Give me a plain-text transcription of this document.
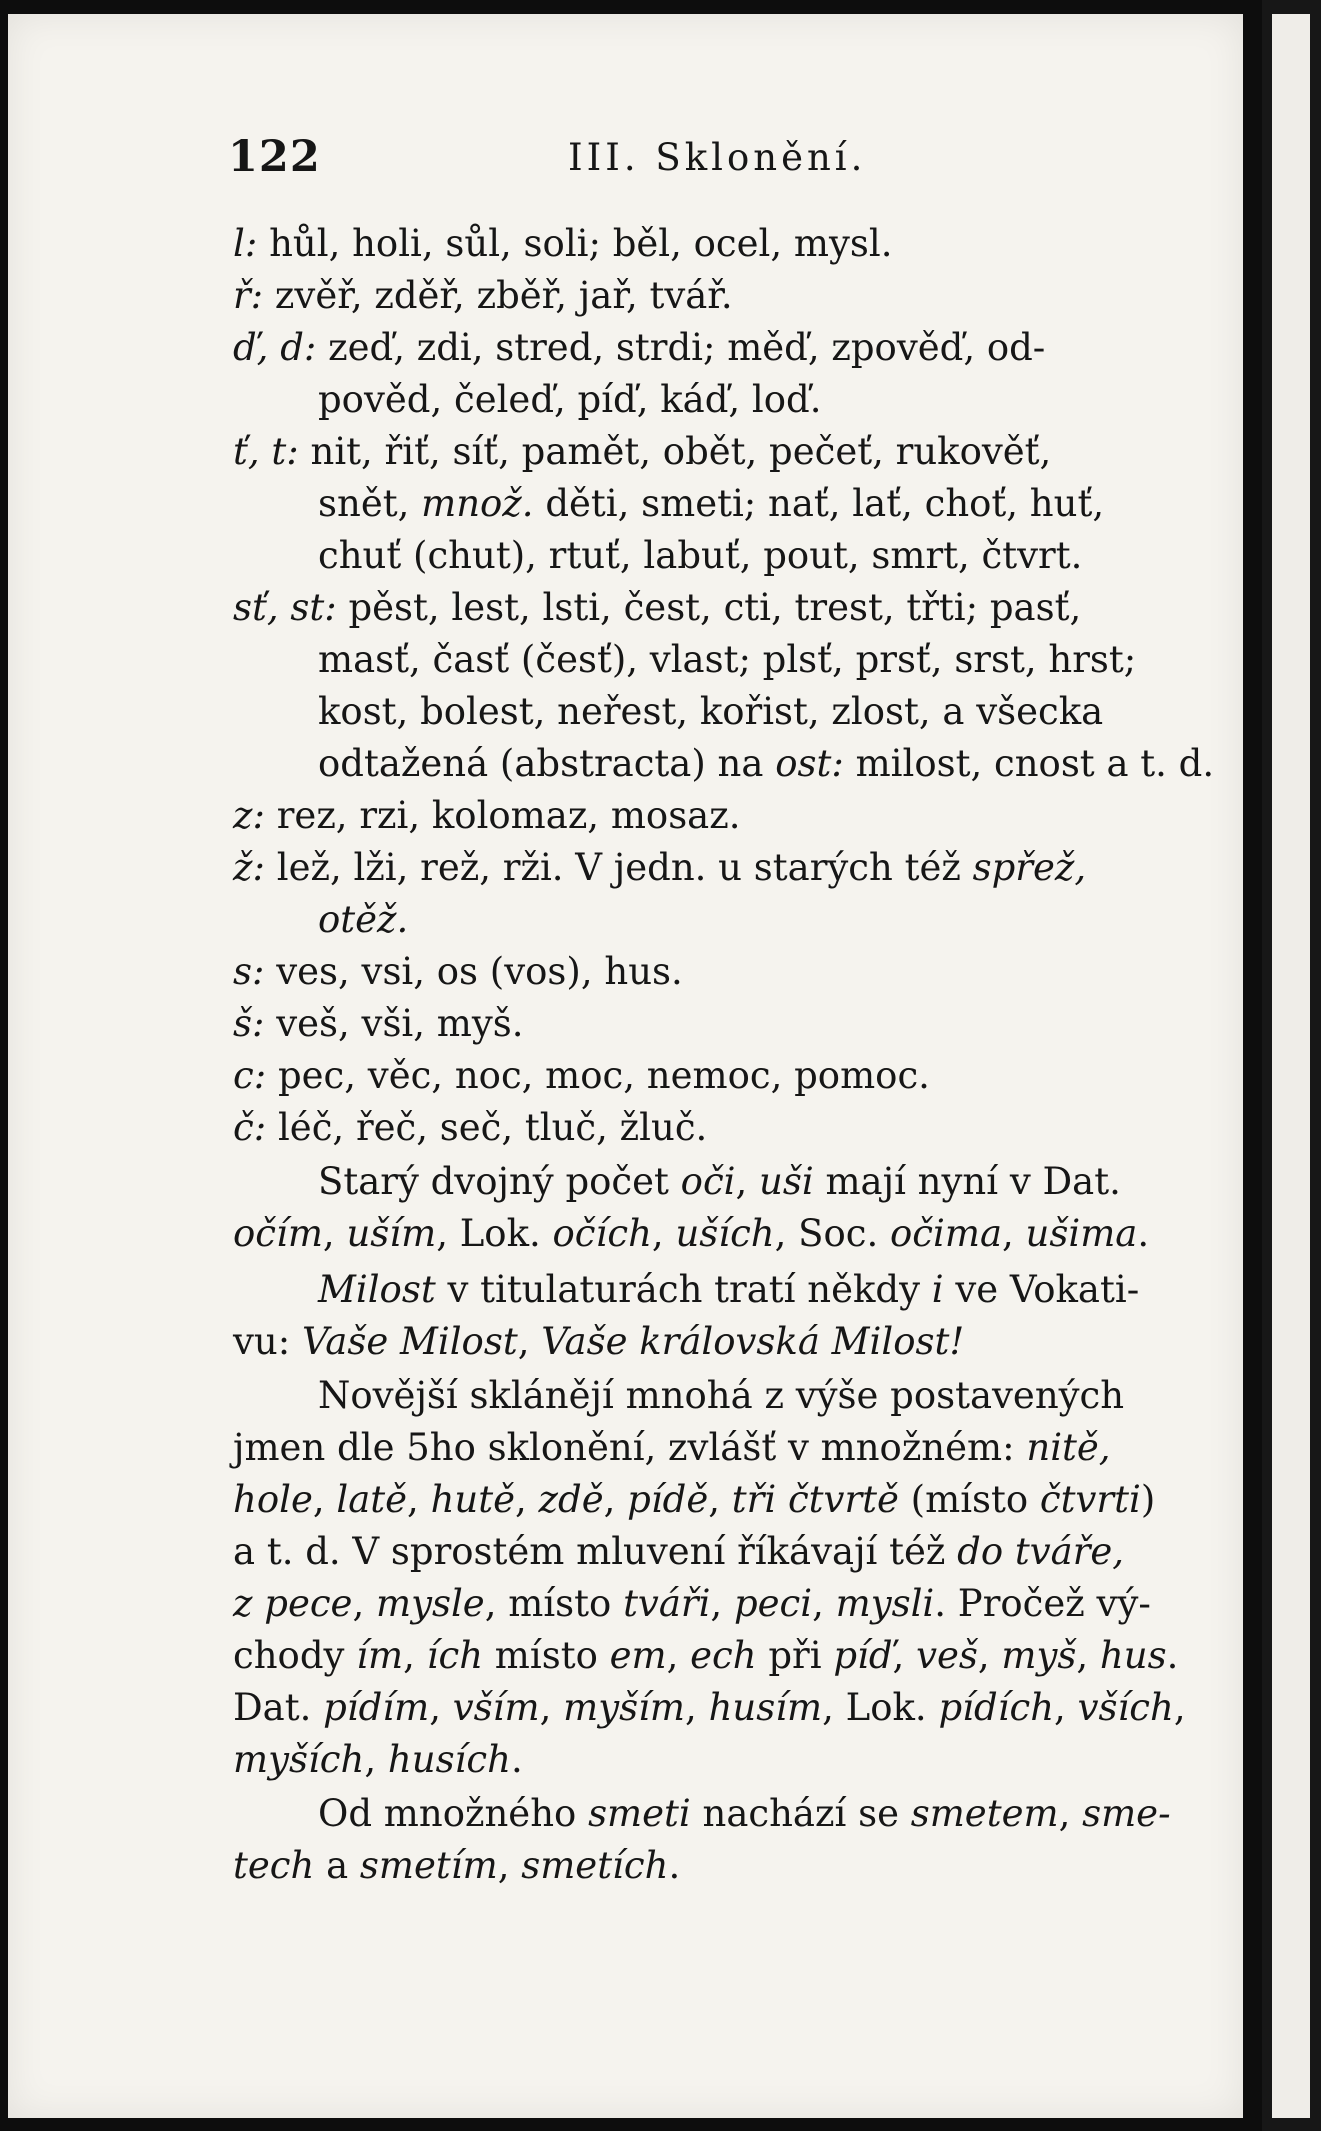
122	III. Sklonění.
l: hůl, holi, sůl, soli; běl, ocel, mysl.
ř: zvěř, zděř, zběř, jař, tvář.
ď, d: zeď, zdi, stred, strdi; měď, zpověď, od-
pověd, čeleď, píď, káď, loď.
ť, t: nit, řiť, síť, pamět, obět, pečeť, rukověť,
snět, množ. děti, smeti; nať, lať, choť, huť,
chuť (chut), rtuť, labuť, pout, smrt, čtvrt.
sť, st: pěst, lest, lsti, čest, cti, trest, třti; pasť,
masť, časť (česť), vlast; plsť, prsť, srst, hrst;
kost, bolest, neřest, kořist, zlost, a všecka
odtažená (abstracta) na ost: milost, cnost a t. d.
z: rez, rzi, kolomaz, mosaz.
ž: lež, lži, rež, rži. V jedn. u starých též spřež,
otěž.
s: ves, vsi, os (vos), hus.
š: veš, vši, myš.
c: pec, věc, noc, moc, nemoc, pomoc.
č: léč, řeč, seč, tluč, žluč.
Starý dvojný počet oči, uši mají nyní v Dat.
očím, uším, Lok. očích, uších, Soc. očima, ušima.
Milost v titulaturách tratí někdy i ve Vokati-
vu: Vaše Milost, Vaše královská Milost!
Novější sklánějí mnohá z výše postavených
jmen dle 5ho sklonění, zvlášť v množném: nitě,
hole, latě, hutě, zdě, pídě, tři čtvrtě (místo čtvrti)
a t. d. V sprostém mluvení říkávají též do tvářе,
z pece, mysle, místo tváři, peci, mysli. Pročež vý-
chody ím, ích místo em, ech při píď, veš, myš, hus.
Dat. pídím, vším, myším, husím, Lok. pídích, vších,
myších, husích.
Od množného smeti nachází se smetem, sme-
tech a smetím, smetích.
